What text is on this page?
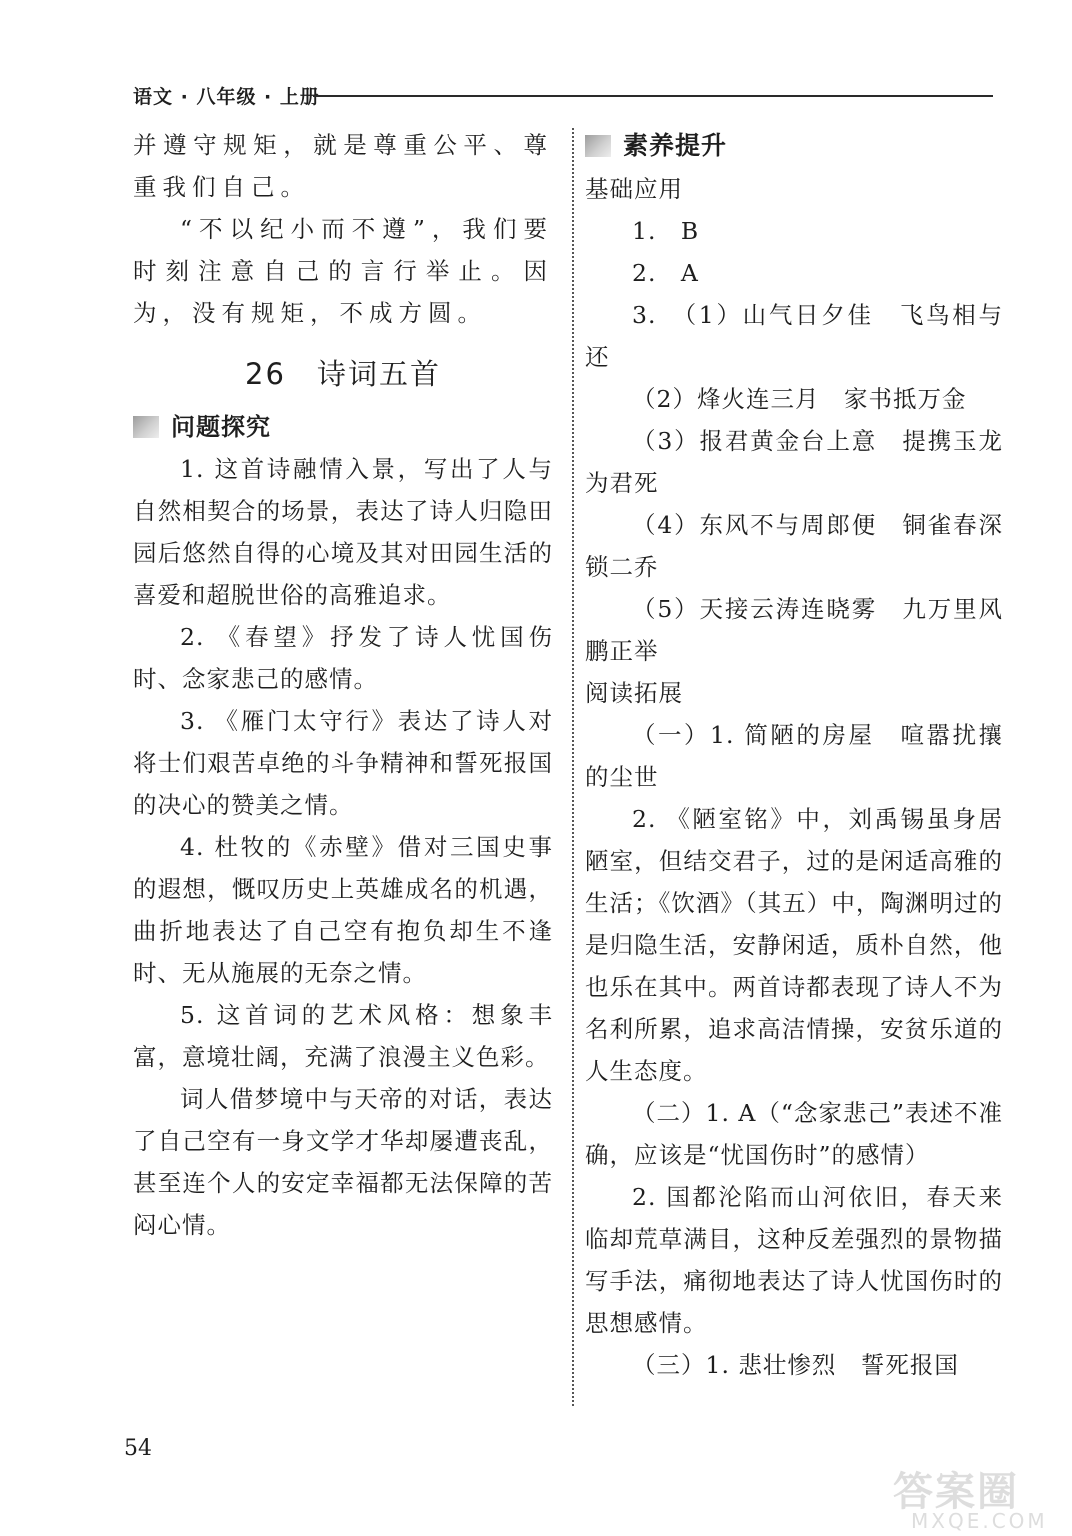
语文 · 八年级 · 上册

并遵守规矩，就是尊重公平、尊重我们自己。

“不以纪小而不遵”，我们要时刻注意自己的言行举止。因为，没有规矩，不成方圆。

26　诗词五首
问题探究

1. 这首诗融情入景，写出了人与自然相契合的场景，表达了诗人归隐田园后悠然自得的心境及其对田园生活的喜爱和超脱世俗的高雅追求。

2. 《春望》抒发了诗人忧国伤时、念家悲己的感情。

3. 《雁门太守行》表达了诗人对将士们艰苦卓绝的斗争精神和誓死报国的决心的赞美之情。

4. 杜牧的《赤壁》借对三国史事的遐想，慨叹历史上英雄成名的机遇，曲折地表达了自己空有抱负却生不逢时、无从施展的无奈之情。

5. 这首词的艺术风格：想象丰富，意境壮阔，充满了浪漫主义色彩。

词人借梦境中与天帝的对话，表达了自己空有一身文学才华却屡遭丧乱，甚至连个人的安定幸福都无法保障的苦闷心情。

素养提升

基础应用

1.　B

2.　A

3.　（1）山气日夕佳　飞鸟相与还

（2）烽火连三月　家书抵万金

（3）报君黄金台上意　提携玉龙为君死

（4）东风不与周郎便　铜雀春深锁二乔

（5）天接云涛连晓雾　九万里风鹏正举

阅读拓展

（一）1. 简陋的房屋　喧嚣扰攘的尘世

2. 《陋室铭》中，刘禹锡虽身居陋室，但结交君子，过的是闲适高雅的生活；《饮酒》（其五）中，陶渊明过的是归隐生活，安静闲适，质朴自然，他也乐在其中。两首诗都表现了诗人不为名利所累，追求高洁情操，安贫乐道的人生态度。

（二）1. A（“念家悲己”表述不准确，应该是“忧国伤时”的感情）

2. 国都沦陷而山河依旧，春天来临却荒草满目，这种反差强烈的景物描写手法，痛彻地表达了诗人忧国伤时的思想感情。

（三）1. 悲壮惨烈　誓死报国

54
答案圈
MXQE.COM
